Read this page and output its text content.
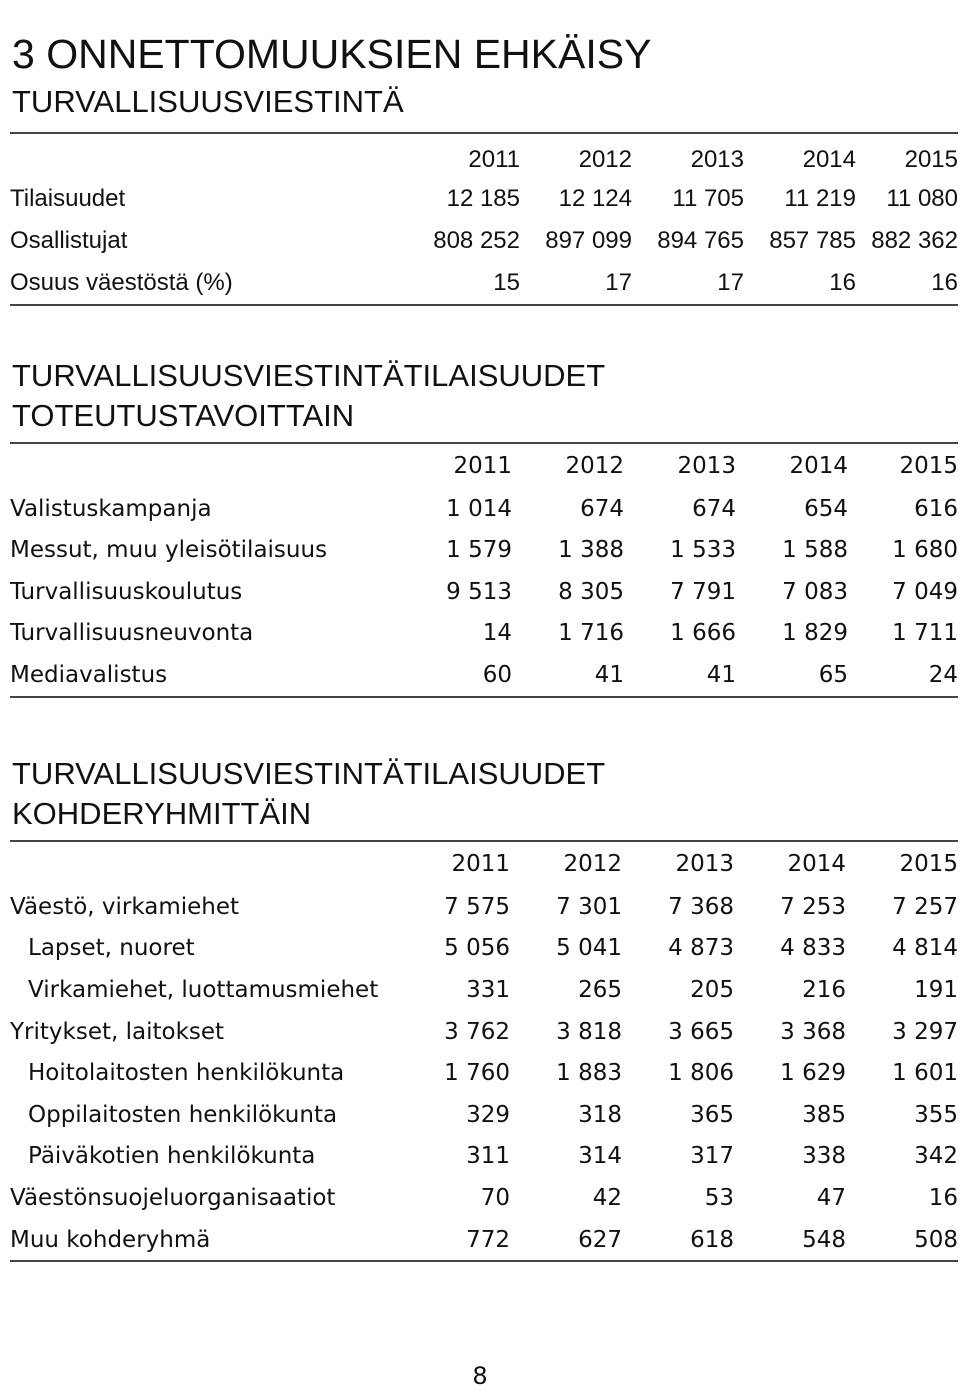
3 ONNETTOMUUKSIEN EHKÄISY
TURVALLISUUSVIESTINTÄ
	2011	2012	2013	2014	2015
Tilaisuudet	12 185	12 124	11 705	11 219	11 080
Osallistujat	808 252	897 099	894 765	857 785	882 362
Osuus väestöstä (%)	15	17	17	16	16
TURVALLISUUSVIESTINTÄTILAISUUDET
TOTEUTUSTAVOITTAIN
	2011	2012	2013	2014	2015
Valistuskampanja	1 014	674	674	654	616
Messut, muu yleisötilaisuus	1 579	1 388	1 533	1 588	1 680
Turvallisuuskoulutus	9 513	8 305	7 791	7 083	7 049
Turvallisuusneuvonta	14	1 716	1 666	1 829	1 711
Mediavalistus	60	41	41	65	24
TURVALLISUUSVIESTINTÄTILAISUUDET
KOHDERYHMITTÄIN
	2011	2012	2013	2014	2015
Väestö, virkamiehet	7 575	7 301	7 368	7 253	7 257
Lapset, nuoret	5 056	5 041	4 873	4 833	4 814
Virkamiehet, luottamusmiehet	331	265	205	216	191
Yritykset, laitokset	3 762	3 818	3 665	3 368	3 297
Hoitolaitosten henkilökunta	1 760	1 883	1 806	1 629	1 601
Oppilaitosten henkilökunta	329	318	365	385	355
Päiväkotien henkilökunta	311	314	317	338	342
Väestönsuojeluorganisaatiot	70	42	53	47	16
Muu kohderyhmä	772	627	618	548	508
8
